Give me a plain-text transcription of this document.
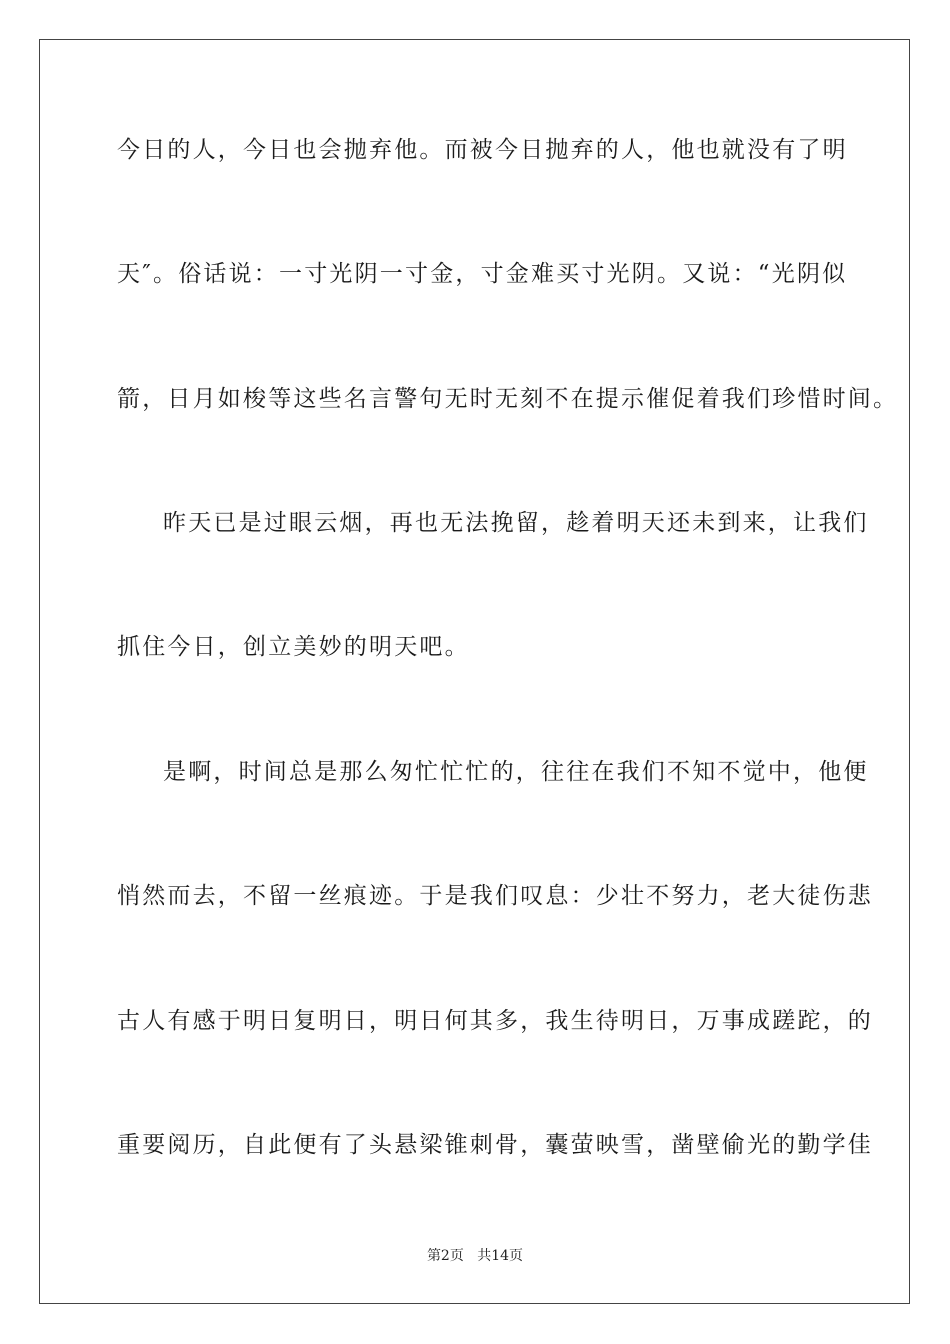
今日的人，今日也会抛弃他。而被今日抛弃的人，他也就没有了明
天″。俗话说：一寸光阴一寸金，寸金难买寸光阴。又说：“光阴似
箭，日月如梭等这些名言警句无时无刻不在提示催促着我们珍惜时间。
昨天已是过眼云烟，再也无法挽留，趁着明天还未到来，让我们
抓住今日，创立美妙的明天吧。
是啊，时间总是那么匆忙忙忙的，往往在我们不知不觉中，他便
悄然而去，不留一丝痕迹。于是我们叹息：少壮不努力，老大徒伤悲
古人有感于明日复明日，明日何其多，我生待明日，万事成蹉跎，的
重要阅历，自此便有了头悬梁锥刺骨，囊萤映雪，凿壁偷光的勤学佳
第2页 共14页
